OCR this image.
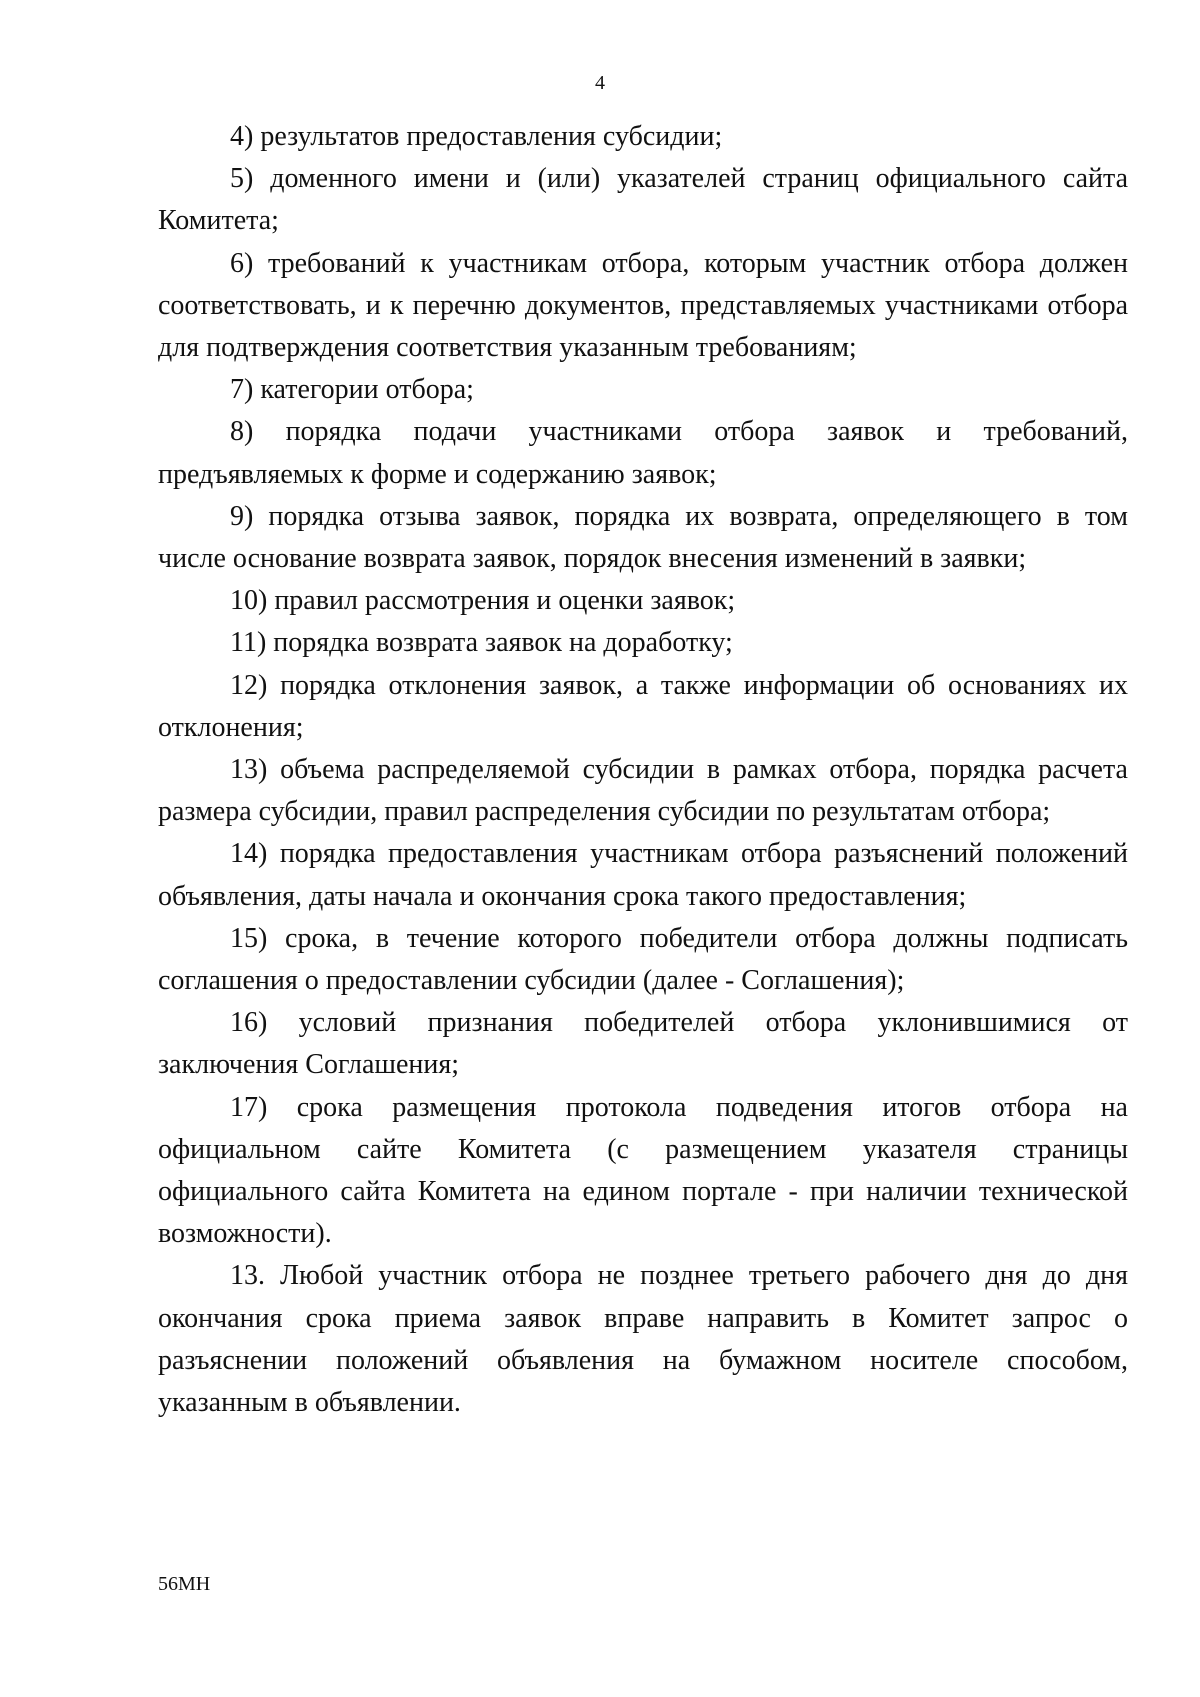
4

4) результатов предоставления субсидии;

5) доменного имени и (или) указателей страниц официального сайта Комитета;

6) требований к участникам отбора, которым участник отбора должен соответствовать, и к перечню документов, представляемых участниками отбора для подтверждения соответствия указанным требованиям;

7) категории отбора;

8) порядка подачи участниками отбора заявок и требований, предъявляемых к форме и содержанию заявок;

9) порядка отзыва заявок, порядка их возврата, определяющего в том числе основание возврата заявок, порядок внесения изменений в заявки;

10) правил рассмотрения и оценки заявок;

11) порядка возврата заявок на доработку;

12) порядка отклонения заявок, а также информации об основаниях их отклонения;

13) объема распределяемой субсидии в рамках отбора, порядка расчета размера субсидии, правил распределения субсидии по результатам отбора;

14) порядка предоставления участникам отбора разъяснений положений объявления, даты начала и окончания срока такого предоставления;

15) срока, в течение которого победители отбора должны подписать соглашения о предоставлении субсидии (далее - Соглашения);

16) условий признания победителей отбора уклонившимися от заключения Соглашения;

17) срока размещения протокола подведения итогов отбора на официальном сайте Комитета (с размещением указателя страницы официального сайта Комитета на едином портале - при наличии технической возможности).

13. Любой участник отбора не позднее третьего рабочего дня до дня окончания срока приема заявок вправе направить в Комитет запрос о разъяснении положений объявления на бумажном носителе способом, указанным в объявлении.

56МН
